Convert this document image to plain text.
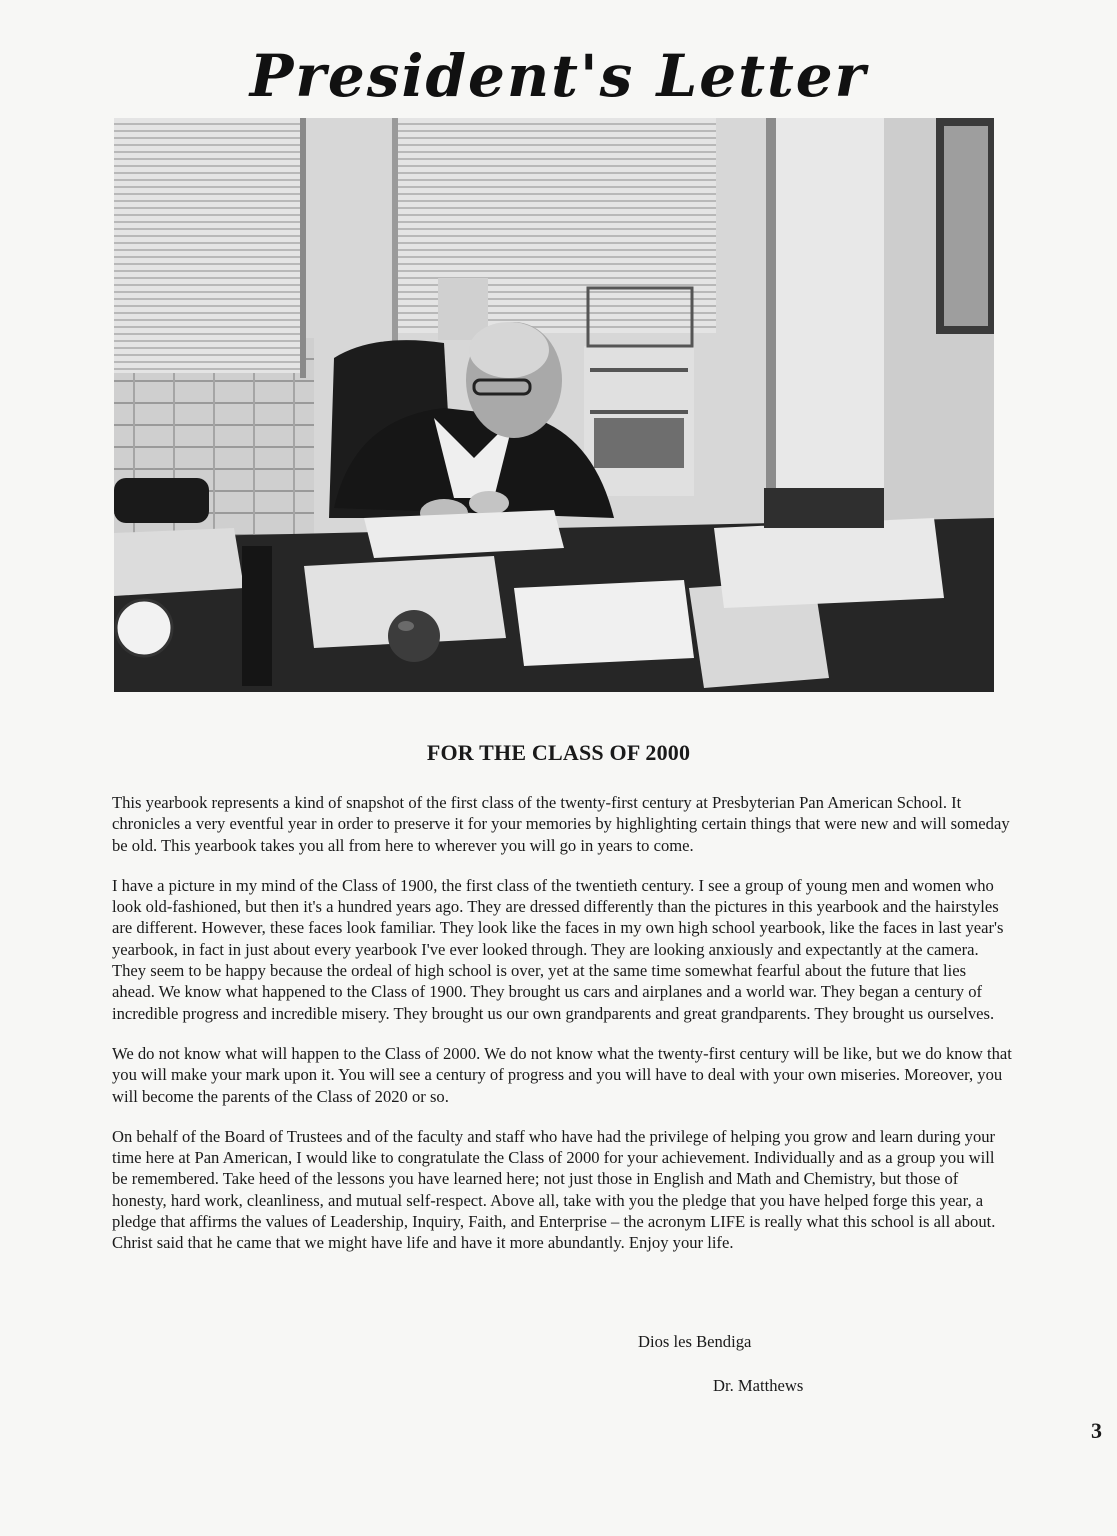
President's Letter
FOR THE CLASS OF 2000

This yearbook represents a kind of snapshot of the first class of the twenty-first century at Presbyterian Pan American School. It chronicles a very eventful year in order to preserve it for your memories by highlighting certain things that were new and will someday be old. This yearbook takes you all from here to wherever you will go in years to come.

I have a picture in my mind of the Class of 1900, the first class of the twentieth century. I see a group of young men and women who look old-fashioned, but then it's a hundred years ago. They are dressed differently than the pictures in this yearbook and the hairstyles are different. However, these faces look familiar. They look like the faces in my own high school yearbook, like the faces in last year's yearbook, in fact in just about every yearbook I've ever looked through. They are looking anxiously and expectantly at the camera. They seem to be happy because the ordeal of high school is over, yet at the same time somewhat fearful about the future that lies ahead. We know what happened to the Class of 1900. They brought us cars and airplanes and a world war. They began a century of incredible progress and incredible misery. They brought us our own grandparents and great grandparents. They brought us ourselves.

We do not know what will happen to the Class of 2000. We do not know what the twenty-first century will be like, but we do know that you will make your mark upon it. You will see a century of progress and you will have to deal with your own miseries. Moreover, you will become the parents of the Class of 2020 or so.

On behalf of the Board of Trustees and of the faculty and staff who have had the privilege of helping you grow and learn during your time here at Pan American, I would like to congratulate the Class of 2000 for your achievement. Individually and as a group you will be remembered. Take heed of the lessons you have learned here; not just those in English and Math and Chemistry, but those of honesty, hard work, cleanliness, and mutual self-respect. Above all, take with you the pledge that you have helped forge this year, a pledge that affirms the values of Leadership, Inquiry, Faith, and Enterprise – the acronym LIFE is really what this school is all about. Christ said that he came that we might have life and have it more abundantly. Enjoy your life.

Dios les Bendiga
Dr. Matthews
3
